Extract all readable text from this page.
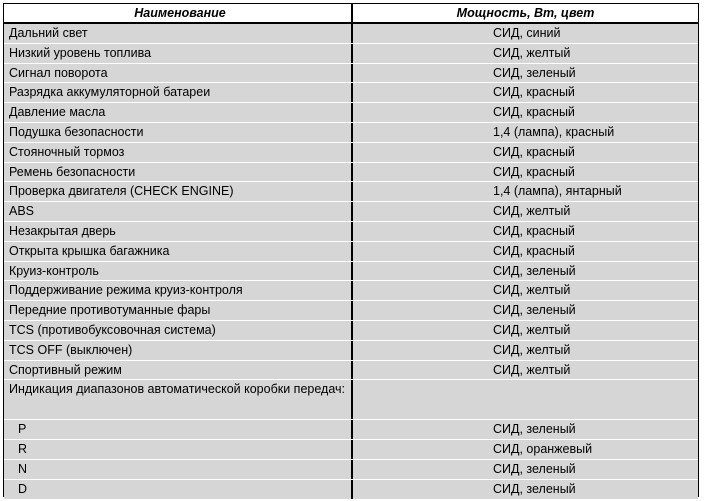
Наименование	Мощность, Вт, цвет
Дальний свет	СИД, синий
Низкий уровень топлива	СИД, желтый
Сигнал поворота	СИД, зеленый
Разрядка аккумуляторной батареи	СИД, красный
Давление масла	СИД, красный
Подушка безопасности	1,4 (лампа), красный
Стояночный тормоз	СИД, красный
Ремень безопасности	СИД, красный
Проверка двигателя (CHECK ENGINE)	1,4 (лампа), янтарный
ABS	СИД, желтый
Незакрытая дверь	СИД, красный
Открыта крышка багажника	СИД, красный
Круиз-контроль	СИД, зеленый
Поддерживание режима круиз-контроля	СИД, желтый
Передние противотуманные фары	СИД, зеленый
TCS (противобуксовочная система)	СИД, желтый
TCS OFF (выключен)	СИД, желтый
Спортивный режим	СИД, желтый
Индикация диапазонов автоматической коробки передач:
P	СИД, зеленый
R	СИД, оранжевый
N	СИД, зеленый
D	СИД, зеленый
